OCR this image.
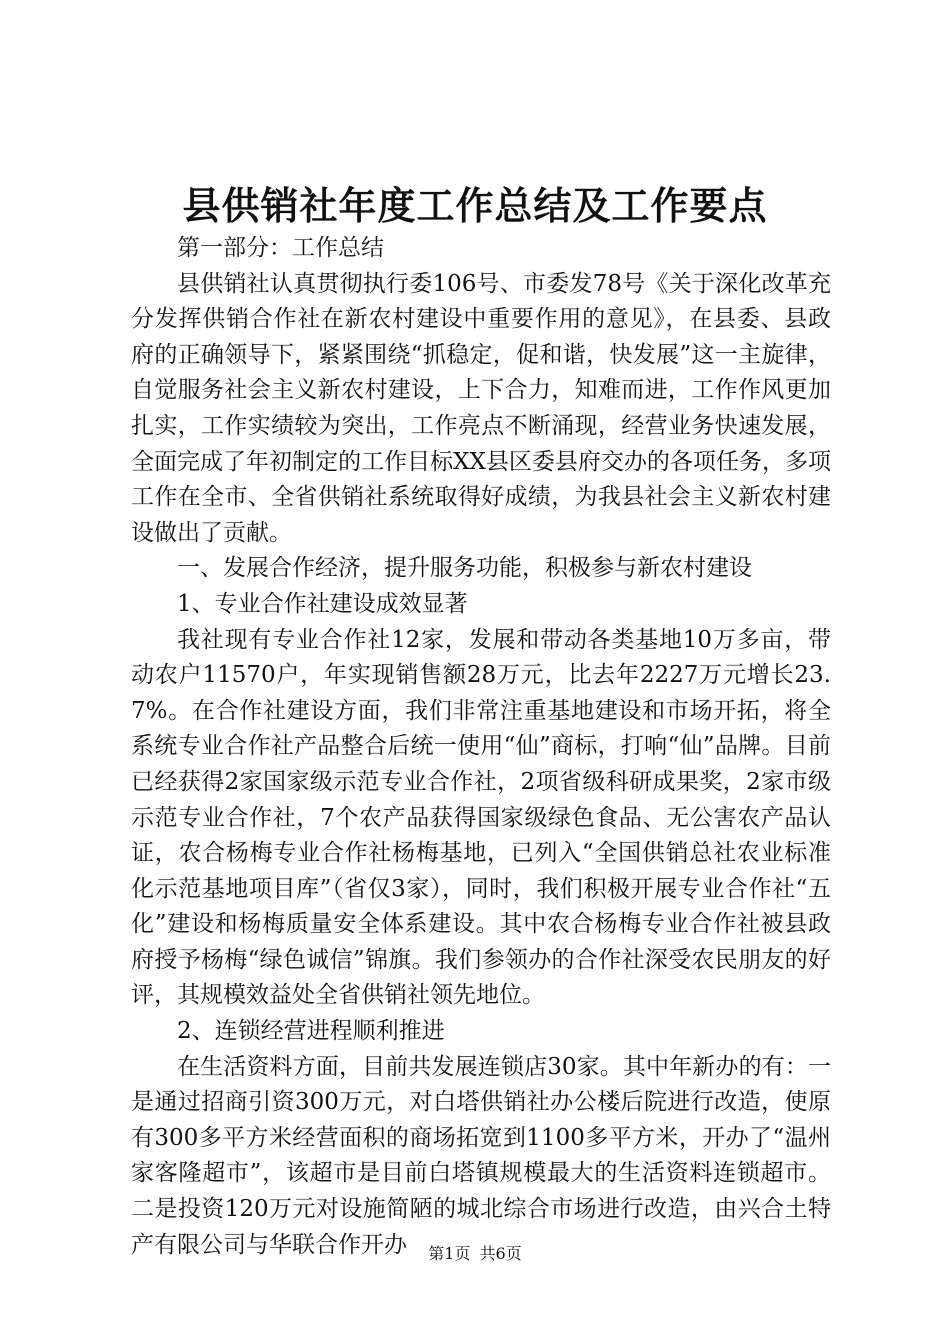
县供销社年度工作总结及工作要点

第一部分：工作总结

县供销社认真贯彻执行委106号、市委发78号《关于深化改革充分发挥供销合作社在新农村建设中重要作用的意见》，在县委、县政府的正确领导下，紧紧围绕“抓稳定，促和谐，快发展”这一主旋律，自觉服务社会主义新农村建设，上下合力，知难而进，工作作风更加扎实，工作实绩较为突出，工作亮点不断涌现，经营业务快速发展，全面完成了年初制定的工作目标XX县区委县府交办的各项任务，多项工作在全市、全省供销社系统取得好成绩，为我县社会主义新农村建设做出了贡献。

一、发展合作经济，提升服务功能，积极参与新农村建设

1、专业合作社建设成效显著

我社现有专业合作社12家，发展和带动各类基地10万多亩，带动农户11570户，年实现销售额28万元，比去年2227万元增长23.7%。在合作社建设方面，我们非常注重基地建设和市场开拓，将全系统专业合作社产品整合后统一使用“仙”商标，打响“仙”品牌。目前已经获得2家国家级示范专业合作社，2项省级科研成果奖，2家市级示范专业合作社，7个农产品获得国家级绿色食品、无公害农产品认证，农合杨梅专业合作社杨梅基地，已列入“全国供销总社农业标准化示范基地项目库”（省仅3家），同时，我们积极开展专业合作社“五化”建设和杨梅质量安全体系建设。其中农合杨梅专业合作社被县政府授予杨梅“绿色诚信”锦旗。我们参领办的合作社深受农民朋友的好评，其规模效益处全省供销社领先地位。

2、连锁经营进程顺利推进

在生活资料方面，目前共发展连锁店30家。其中年新办的有：一是通过招商引资300万元，对白塔供销社办公楼后院进行改造，使原有300多平方米经营面积的商场拓宽到1100多平方米，开办了“温州家客隆超市”，该超市是目前白塔镇规模最大的生活资料连锁超市。二是投资120万元对设施简陋的城北综合市场进行改造，由兴合土特产有限公司与华联合作开办	第1页 共6页
